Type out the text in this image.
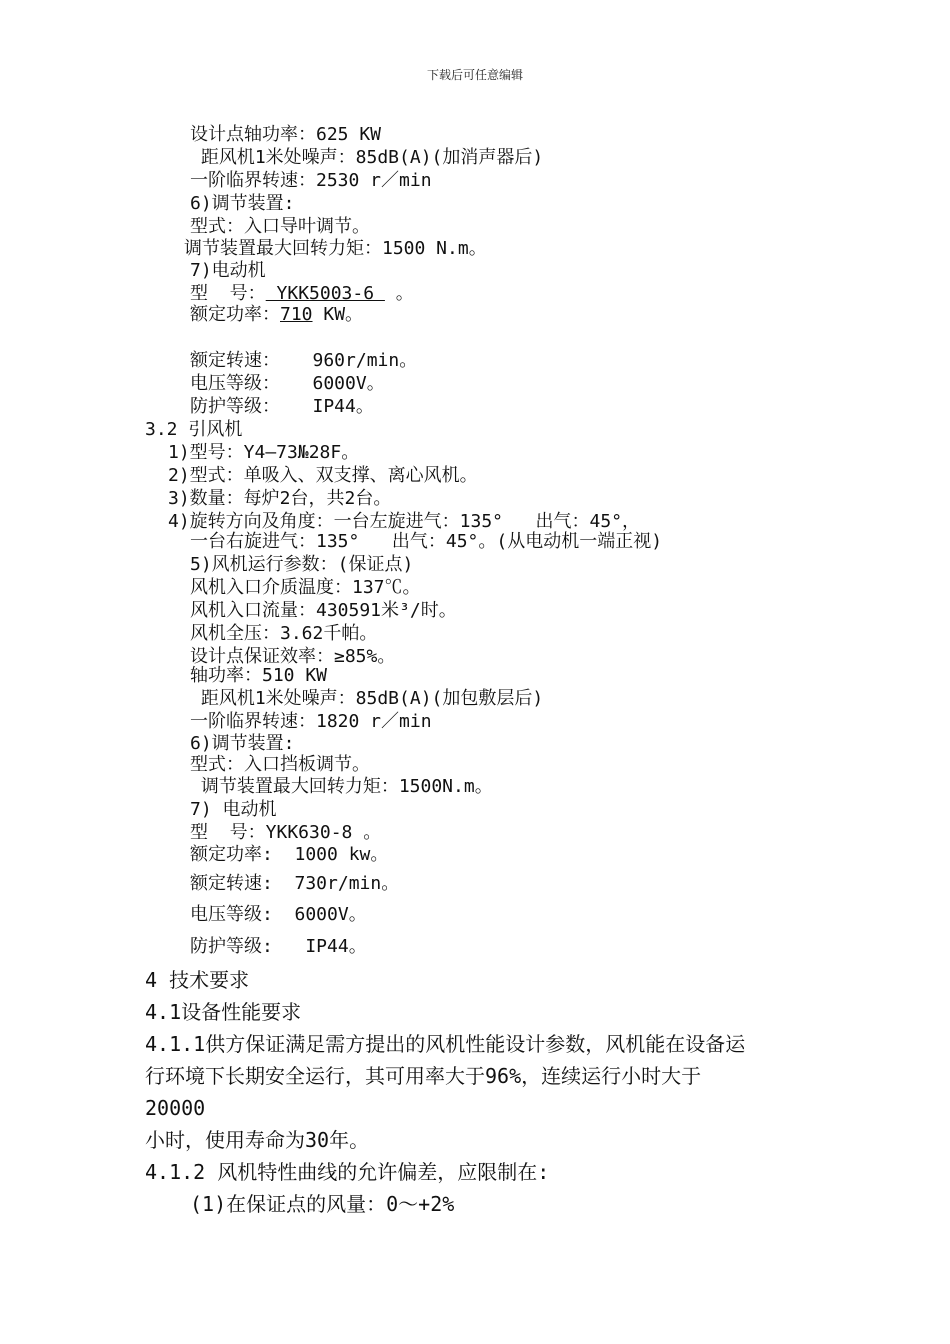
下载后可任意编辑
设计点轴功率：625 KW
距风机1米处噪声：85dB(A)(加消声器后)
一阶临界转速：2530 r／min
6)调节装置:
型式：入口导叶调节。
调节装置最大回转力矩：1500 N.m。
7)电动机
型  号： YKK5003-6  。
额定功率：710 KW。
额定转速：   960r/min。
电压等级：   6000V。
防护等级：   IP44。
3.2 引风机
1)型号：Y4—73№28F。
2)型式：单吸入、双支撑、离心风机。
3)数量：每炉2台，共2台。
4)旋转方向及角度：一台左旋进气：135°   出气：45°，
一台右旋进气：135°   出气：45°。(从电动机一端正视)
5)风机运行参数：(保证点)
风机入口介质温度：137℃。
风机入口流量：430591米³/时。
风机全压：3.62千帕。
设计点保证效率：≥85%。
轴功率：510 KW
距风机1米处噪声：85dB(A)(加包敷层后)
一阶临界转速：1820 r／min
6)调节装置:
型式：入口挡板调节。
调节装置最大回转力矩：1500N.m。
7) 电动机
型  号：YKK630-8 。
额定功率:  1000 kw。
额定转速:  730r/min。
电压等级:  6000V。
防护等级:   IP44。
4 技术要求
4.1设备性能要求
4.1.1供方保证满足需方提出的风机性能设计参数，风机能在设备运
行环境下长期安全运行，其可用率大于96%，连续运行小时大于
20000
小时，使用寿命为30年。
4.1.2 风机特性曲线的允许偏差，应限制在:
(1)在保证点的风量：0～+2%
